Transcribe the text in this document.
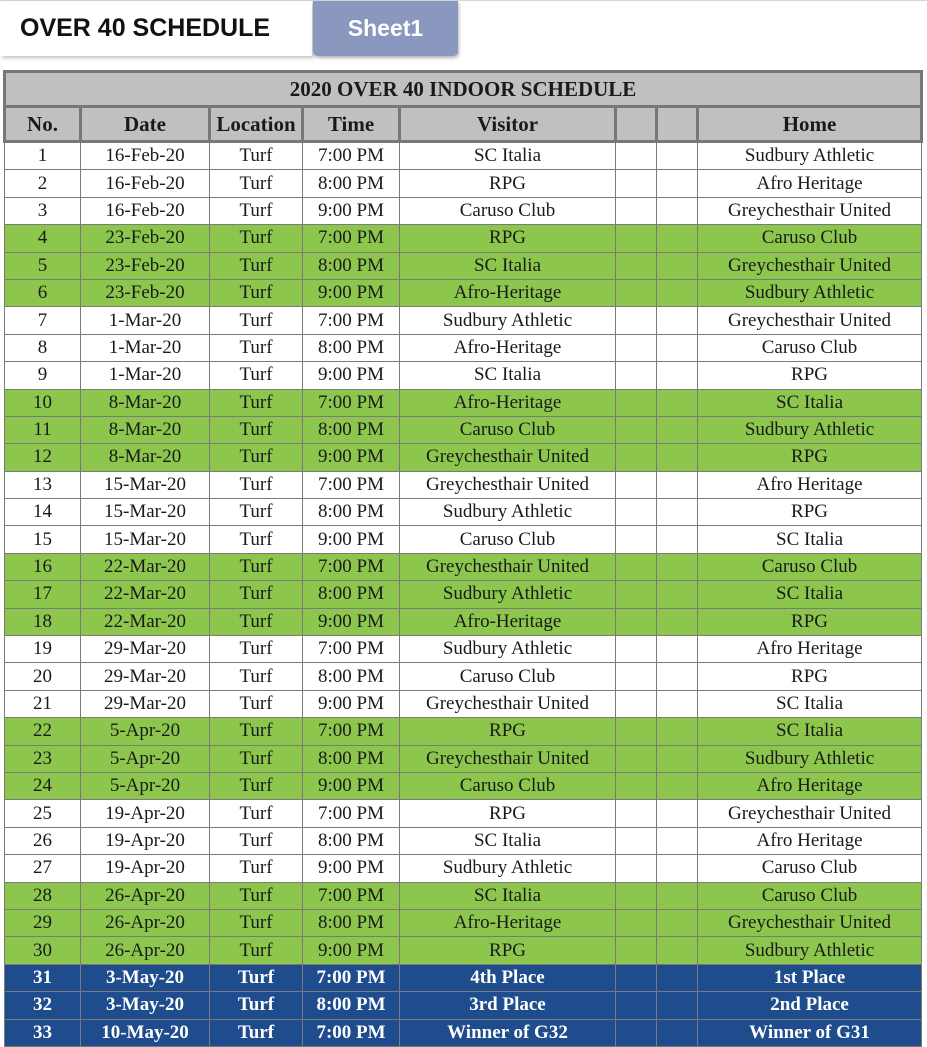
OVER 40 SCHEDULE	Sheet1
2020 OVER 40 INDOOR SCHEDULE							
No.	Date	Location	Time	Visitor			Home
1	16-Feb-20	Turf	7:00 PM	SC Italia			Sudbury Athletic
2	16-Feb-20	Turf	8:00 PM	RPG			Afro Heritage
3	16-Feb-20	Turf	9:00 PM	Caruso Club			Greychesthair United
4	23-Feb-20	Turf	7:00 PM	RPG			Caruso Club
5	23-Feb-20	Turf	8:00 PM	SC Italia			Greychesthair United
6	23-Feb-20	Turf	9:00 PM	Afro-Heritage			Sudbury Athletic
7	1-Mar-20	Turf	7:00 PM	Sudbury Athletic			Greychesthair United
8	1-Mar-20	Turf	8:00 PM	Afro-Heritage			Caruso Club
9	1-Mar-20	Turf	9:00 PM	SC Italia			RPG
10	8-Mar-20	Turf	7:00 PM	Afro-Heritage			SC Italia
11	8-Mar-20	Turf	8:00 PM	Caruso Club			Sudbury Athletic
12	8-Mar-20	Turf	9:00 PM	Greychesthair United			RPG
13	15-Mar-20	Turf	7:00 PM	Greychesthair United			Afro Heritage
14	15-Mar-20	Turf	8:00 PM	Sudbury Athletic			RPG
15	15-Mar-20	Turf	9:00 PM	Caruso Club			SC Italia
16	22-Mar-20	Turf	7:00 PM	Greychesthair United			Caruso Club
17	22-Mar-20	Turf	8:00 PM	Sudbury Athletic			SC Italia
18	22-Mar-20	Turf	9:00 PM	Afro-Heritage			RPG
19	29-Mar-20	Turf	7:00 PM	Sudbury Athletic			Afro Heritage
20	29-Mar-20	Turf	8:00 PM	Caruso Club			RPG
21	29-Mar-20	Turf	9:00 PM	Greychesthair United			SC Italia
22	5-Apr-20	Turf	7:00 PM	RPG			SC Italia
23	5-Apr-20	Turf	8:00 PM	Greychesthair United			Sudbury Athletic
24	5-Apr-20	Turf	9:00 PM	Caruso Club			Afro Heritage
25	19-Apr-20	Turf	7:00 PM	RPG			Greychesthair United
26	19-Apr-20	Turf	8:00 PM	SC Italia			Afro Heritage
27	19-Apr-20	Turf	9:00 PM	Sudbury Athletic			Caruso Club
28	26-Apr-20	Turf	7:00 PM	SC Italia			Caruso Club
29	26-Apr-20	Turf	8:00 PM	Afro-Heritage			Greychesthair United
30	26-Apr-20	Turf	9:00 PM	RPG			Sudbury Athletic
31	3-May-20	Turf	7:00 PM	4th Place			1st Place
32	3-May-20	Turf	8:00 PM	3rd Place			2nd Place
33	10-May-20	Turf	7:00 PM	Winner of G32			Winner of G31
